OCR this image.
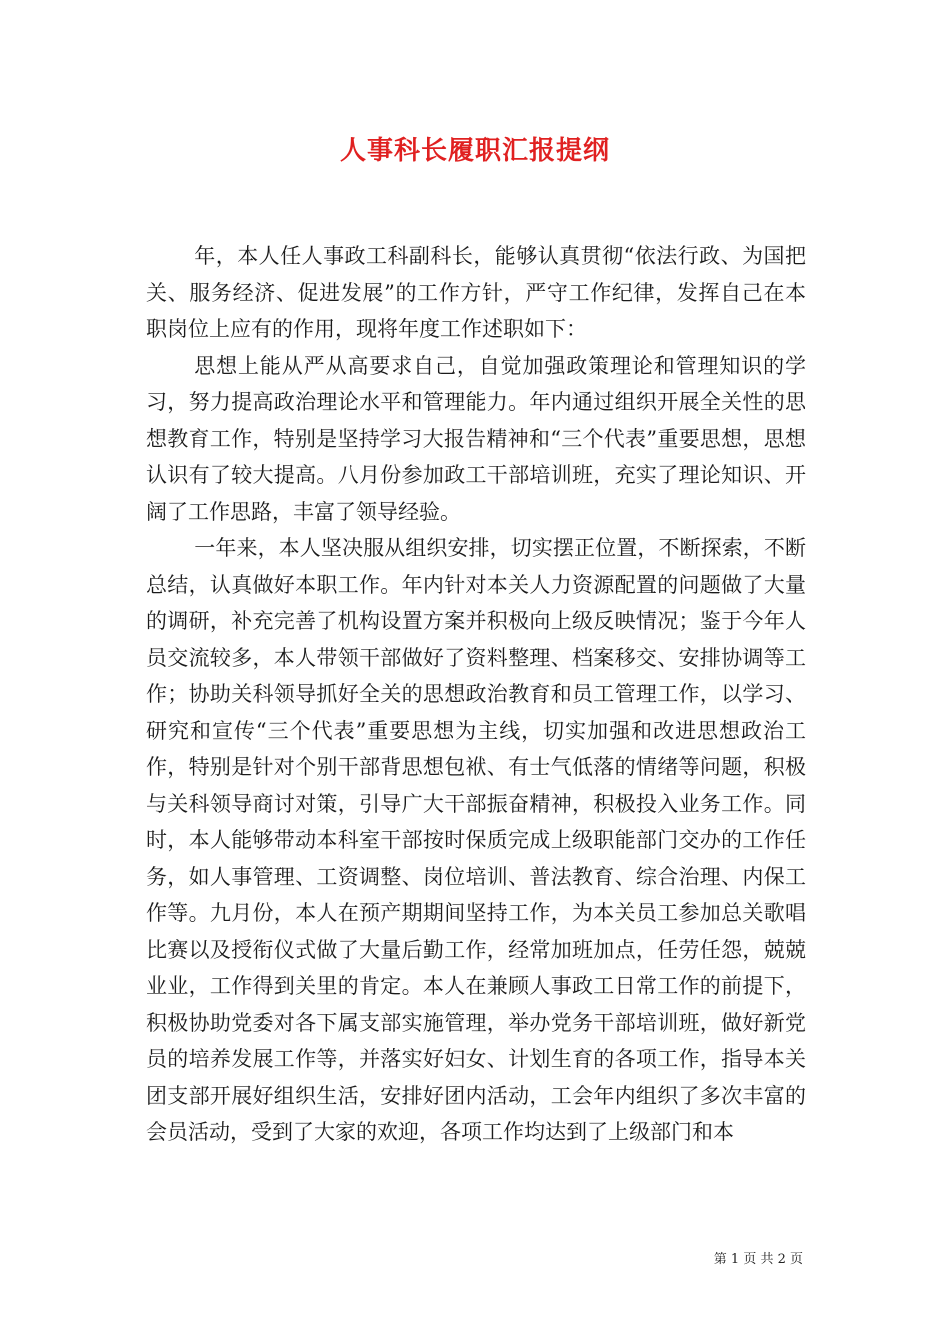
人事科长履职汇报提纲

年，本人任人事政工科副科长，能够认真贯彻“依法行政、为国把关、服务经济、促进发展”的工作方针，严守工作纪律，发挥自己在本职岗位上应有的作用，现将年度工作述职如下：

思想上能从严从高要求自己，自觉加强政策理论和管理知识的学习，努力提高政治理论水平和管理能力。年内通过组织开展全关性的思想教育工作，特别是坚持学习大报告精神和“三个代表”重要思想，思想认识有了较大提高。八月份参加政工干部培训班，充实了理论知识、开阔了工作思路，丰富了领导经验。

一年来，本人坚决服从组织安排，切实摆正位置，不断探索，不断总结，认真做好本职工作。年内针对本关人力资源配置的问题做了大量的调研，补充完善了机构设置方案并积极向上级反映情况；鉴于今年人员交流较多，本人带领干部做好了资料整理、档案移交、安排协调等工作；协助关科领导抓好全关的思想政治教育和员工管理工作，以学习、研究和宣传“三个代表”重要思想为主线，切实加强和改进思想政治工作，特别是针对个别干部背思想包袱、有士气低落的情绪等问题，积极与关科领导商讨对策，引导广大干部振奋精神，积极投入业务工作。同时，本人能够带动本科室干部按时保质完成上级职能部门交办的工作任务，如人事管理、工资调整、岗位培训、普法教育、综合治理、内保工作等。九月份，本人在预产期期间坚持工作，为本关员工参加总关歌唱比赛以及授衔仪式做了大量后勤工作，经常加班加点，任劳任怨，兢兢业业，工作得到关里的肯定。本人在兼顾人事政工日常工作的前提下，积极协助党委对各下属支部实施管理，举办党务干部培训班，做好新党员的培养发展工作等，并落实好妇女、计划生育的各项工作，指导本关团支部开展好组织生活，安排好团内活动，工会年内组织了多次丰富的会员活动，受到了大家的欢迎，各项工作均达到了上级部门和本

第 1 页 共 2 页
